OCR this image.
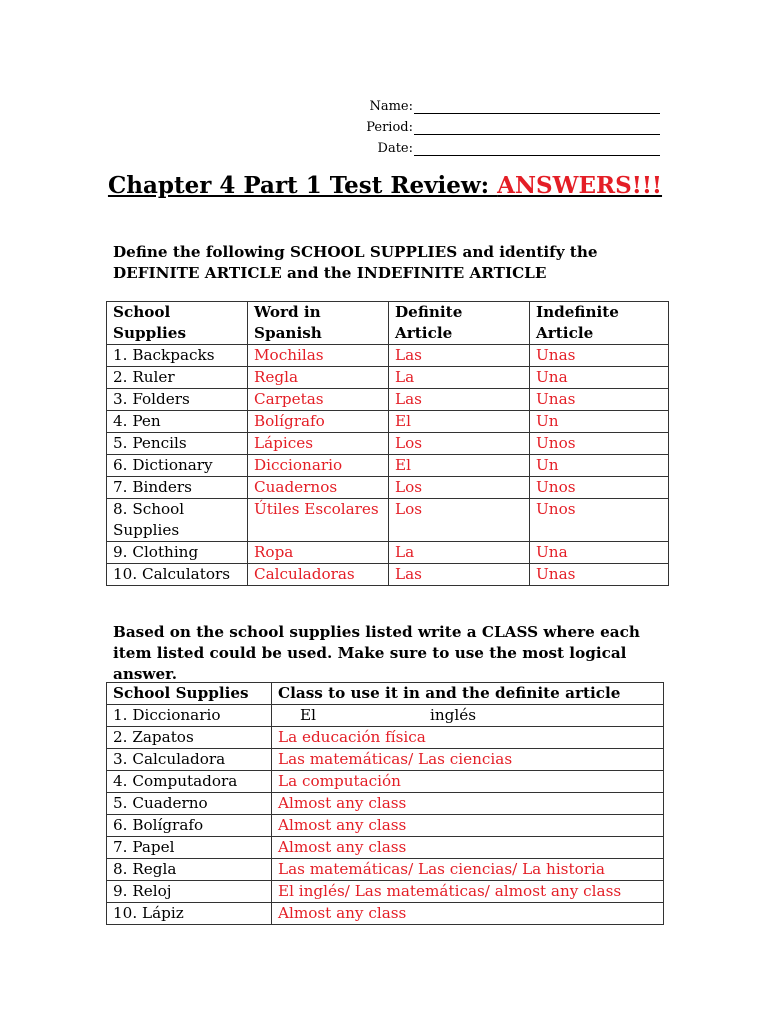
Name:
Period:
Date:
Chapter 4 Part 1 Test Review: ANSWERS!!!
Define the following SCHOOL SUPPLIES and identify the DEFINITE ARTICLE and the INDEFINITE ARTICLE
School Supplies	Word in Spanish	Definite Article	Indefinite Article
1. Backpacks	Mochilas	Las	Unas
2. Ruler	Regla	La	Una
3. Folders	Carpetas	Las	Unas
4. Pen	Bolígrafo	El	Un
5. Pencils	Lápices	Los	Unos
6. Dictionary	Diccionario	El	Un
7. Binders	Cuadernos	Los	Unos
8. School Supplies	Útiles Escolares	Los	Unos
9. Clothing	Ropa	La	Una
10. Calculators	Calculadoras	Las	Unas
Based on the school supplies listed write a CLASS where each item listed could be used. Make sure to use the most logical answer.
School Supplies	Class to use it in and the definite article
1. Diccionario	El inglés
2. Zapatos	La educación física
3. Calculadora	Las matemáticas/ Las ciencias
4. Computadora	La computación
5. Cuaderno	Almost any class
6. Bolígrafo	Almost any class
7. Papel	Almost any class
8. Regla	Las matemáticas/ Las ciencias/ La historia
9. Reloj	El inglés/ Las matemáticas/ almost any class
10. Lápiz	Almost any class
